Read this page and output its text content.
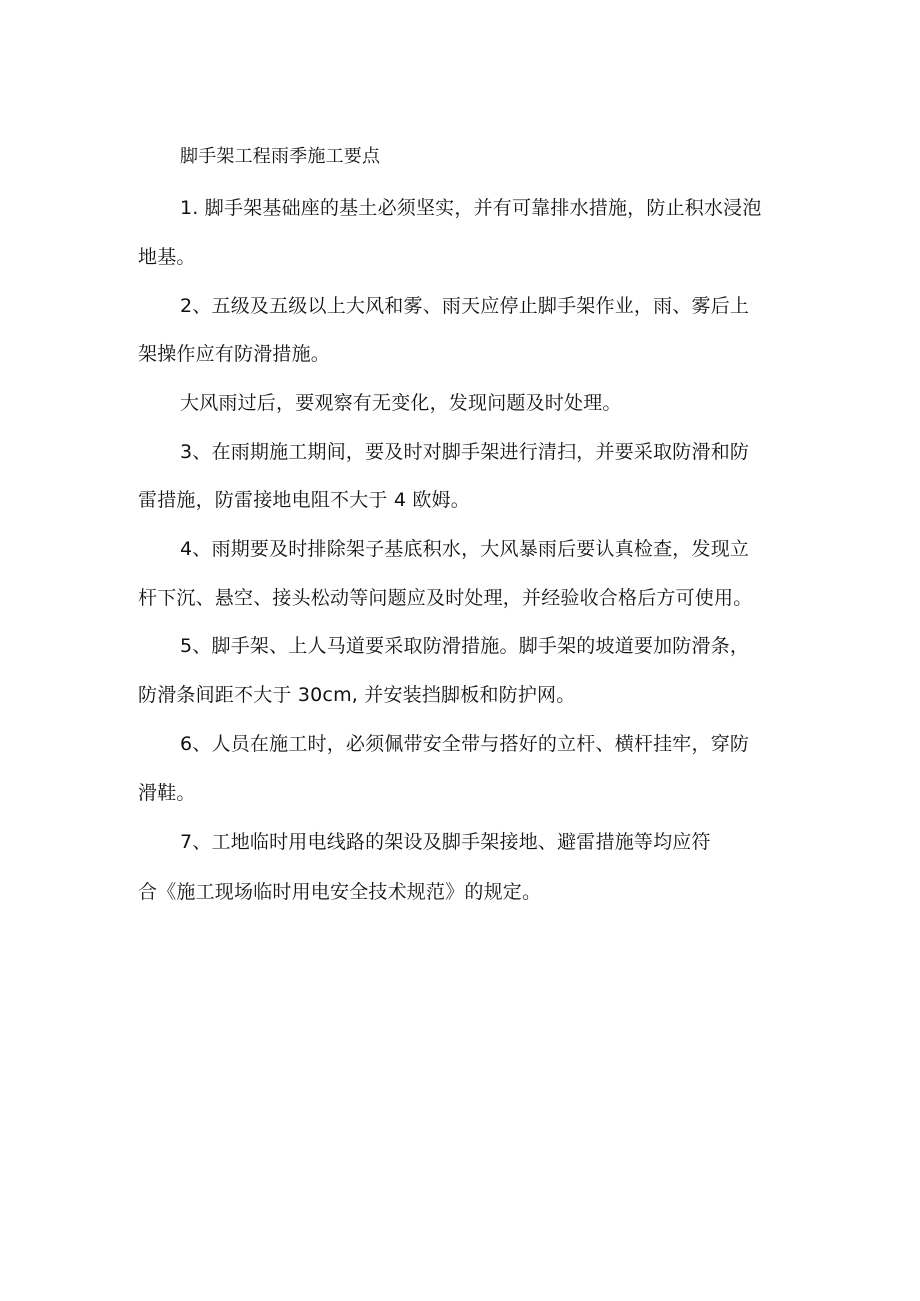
脚手架工程雨季施工要点
1. 脚手架基础座的基土必须坚实，并有可靠排水措施，防止积水浸泡
地基。
2、五级及五级以上大风和雾、雨天应停止脚手架作业，雨、雾后上
架操作应有防滑措施。
大风雨过后，要观察有无变化，发现问题及时处理。
3、在雨期施工期间，要及时对脚手架进行清扫，并要采取防滑和防
雷措施，防雷接地电阻不大于 4 欧姆。
4、雨期要及时排除架子基底积水，大风暴雨后要认真检查，发现立
杆下沉、悬空、接头松动等问题应及时处理，并经验收合格后方可使用。
5、脚手架、上人马道要采取防滑措施。脚手架的坡道要加防滑条，
防滑条间距不大于 30cm, 并安装挡脚板和防护网。
6、人员在施工时，必须佩带安全带与搭好的立杆、横杆挂牢，穿防
滑鞋。
7、工地临时用电线路的架设及脚手架接地、避雷措施等均应符
合《施工现场临时用电安全技术规范》的规定。
